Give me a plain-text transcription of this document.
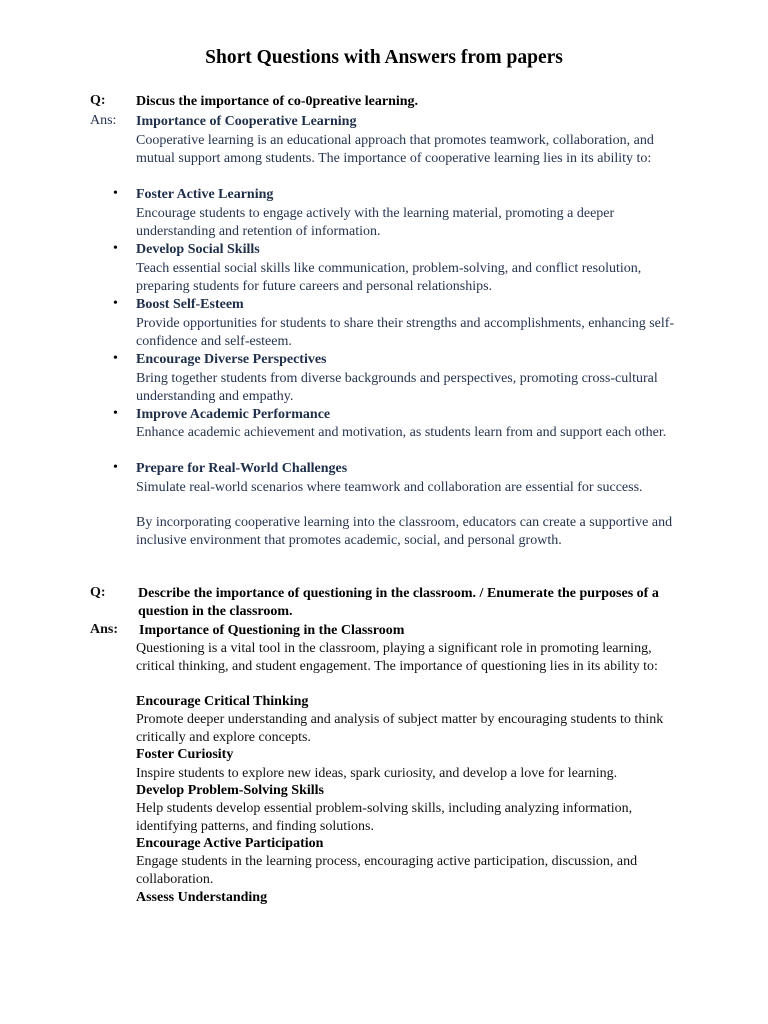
Short Questions with Answers from papers
Q: Discus the importance of co-0preative learning.
Ans: Importance of Cooperative Learning
Cooperative learning is an educational approach that promotes teamwork, collaboration, and mutual support among students. The importance of cooperative learning lies in its ability to:
• Foster Active Learning
Encourage students to engage actively with the learning material, promoting a deeper understanding and retention of information.
• Develop Social Skills
Teach essential social skills like communication, problem-solving, and conflict resolution, preparing students for future careers and personal relationships.
• Boost Self-Esteem
Provide opportunities for students to share their strengths and accomplishments, enhancing self-confidence and self-esteem.
• Encourage Diverse Perspectives
Bring together students from diverse backgrounds and perspectives, promoting cross-cultural understanding and empathy.
• Improve Academic Performance
Enhance academic achievement and motivation, as students learn from and support each other.
• Prepare for Real-World Challenges
Simulate real-world scenarios where teamwork and collaboration are essential for success.
By incorporating cooperative learning into the classroom, educators can create a supportive and inclusive environment that promotes academic, social, and personal growth.
Q: Describe the importance of questioning in the classroom. / Enumerate the purposes of a question in the classroom.
Ans: Importance of Questioning in the Classroom
Questioning is a vital tool in the classroom, playing a significant role in promoting learning, critical thinking, and student engagement. The importance of questioning lies in its ability to:
Encourage Critical Thinking
Promote deeper understanding and analysis of subject matter by encouraging students to think critically and explore concepts.
Foster Curiosity
Inspire students to explore new ideas, spark curiosity, and develop a love for learning.
Develop Problem-Solving Skills
Help students develop essential problem-solving skills, including analyzing information, identifying patterns, and finding solutions.
Encourage Active Participation
Engage students in the learning process, encouraging active participation, discussion, and collaboration.
Assess Understanding
